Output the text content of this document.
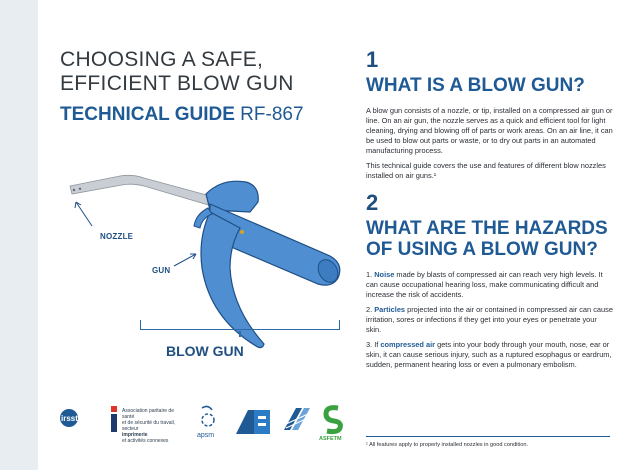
CHOOSING A SAFE,
EFFICIENT BLOW GUN
TECHNICAL GUIDE RF-867
NOZZLE
GUN
BLOW GUN
irsst
Association paritaire de santé
et de sécurité du travail, secteur
imprimerie
et activités connexes
apsm	ASFETM
1
WHAT IS A BLOW GUN?

A blow gun consists of a nozzle, or tip, installed on a compressed air gun or line. On an air gun, the nozzle serves as a quick and efficient tool for light cleaning, drying and blowing off of parts or work areas. On an air line, it can be used to blow out parts or waste, or to dry out parts in an automated manufacturing process.

This technical guide covers the use and features of different blow nozzles installed on air guns.¹

2
WHAT ARE THE HAZARDS
OF USING A BLOW GUN?

1. Noise made by blasts of compressed air can reach very high levels. It can cause occupational hearing loss, make communicating difficult and increase the risk of accidents.

2. Particles projected into the air or contained in compressed air can cause irritation, sores or infections if they get into your eyes or penetrate your skin.

3. If compressed air gets into your body through your mouth, nose, ear or skin, it can cause serious injury, such as a ruptured esophagus or eardrum, sudden, permanent hearing loss or even a pulmonary embolism.

¹ All features apply to properly installed nozzles in good condition.
